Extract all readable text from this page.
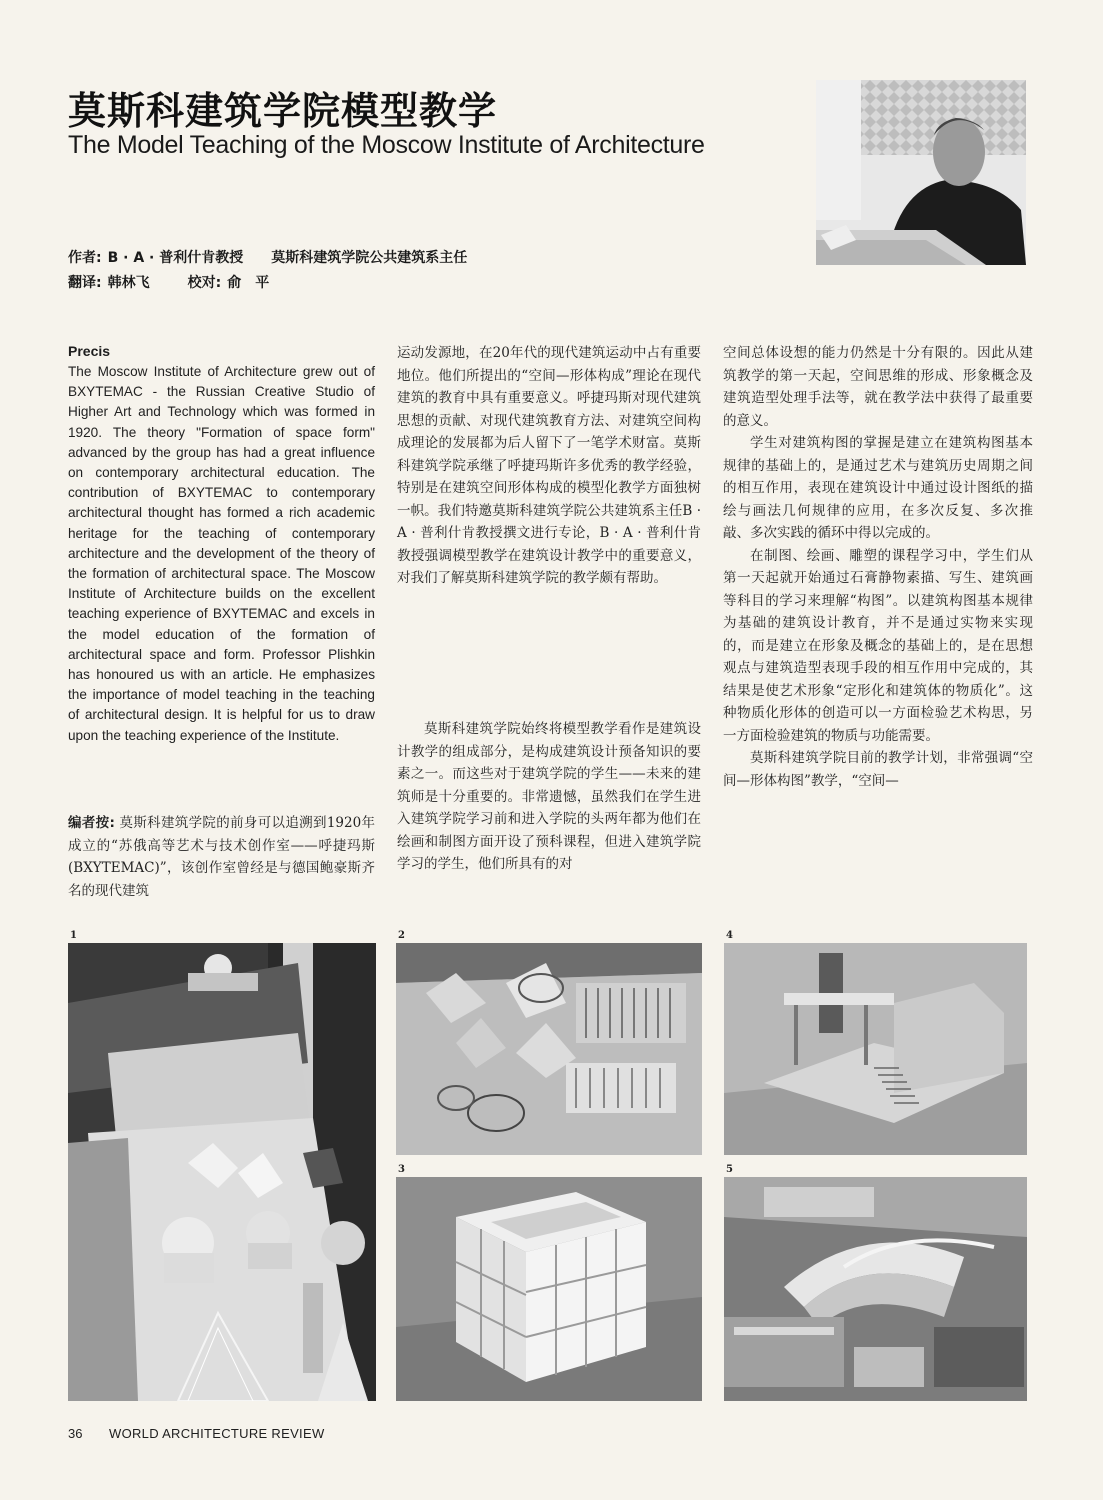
莫斯科建筑学院模型教学
The Model Teaching of the Moscow Institute of Architecture
作者: B · A · 普利什肯教授 莫斯科建筑学院公共建筑系主任
翻译: 韩林飞	校对: 俞　平
Precis
The Moscow Institute of Architecture grew out of BXYTEMAC - the Russian Creative Studio of Higher Art and Technology which was formed in 1920. The theory "Formation of space form" advanced by the group has had a great influence on contemporary architectural education. The contribution of BXYTEMAC to contemporary architectural thought has formed a rich academic heritage for the teaching of contemporary architecture and the development of the theory of the formation of architectural space. The Moscow Institute of Architecture builds on the excellent teaching experience of BXYTEMAC and excels in the model education of the formation of architectural space and form. Professor Plishkin has honoured us with an article. He emphasizes the importance of model teaching in the teaching of architectural design. It is helpful for us to draw upon the teaching experience of the Institute.
编者按: 莫斯科建筑学院的前身可以追溯到1920年成立的“苏俄高等艺术与技术创作室——呼捷玛斯 (BXYTEMAC)”，该创作室曾经是与德国鲍豪斯齐名的现代建筑

运动发源地，在20年代的现代建筑运动中占有重要地位。他们所提出的“空间—形体构成”理论在现代建筑的教育中具有重要意义。呼捷玛斯对现代建筑思想的贡献、对现代建筑教育方法、对建筑空间构成理论的发展都为后人留下了一笔学术财富。莫斯科建筑学院承继了呼捷玛斯许多优秀的教学经验，特别是在建筑空间形体构成的模型化教学方面独树一帜。我们特邀莫斯科建筑学院公共建筑系主任B · A · 普利什肯教授撰文进行专论，B · A · 普利什肯教授强调模型教学在建筑设计教学中的重要意义，对我们了解莫斯科建筑学院的教学颇有帮助。

莫斯科建筑学院始终将模型教学看作是建筑设计教学的组成部分，是构成建筑设计预备知识的要素之一。而这些对于建筑学院的学生——未来的建筑师是十分重要的。非常遗憾，虽然我们在学生进入建筑学院学习前和进入学院的头两年都为他们在绘画和制图方面开设了预科课程，但进入建筑学院学习的学生，他们所具有的对

空间总体设想的能力仍然是十分有限的。因此从建筑教学的第一天起，空间思维的形成、形象概念及建筑造型处理手法等，就在教学法中获得了最重要的意义。

学生对建筑构图的掌握是建立在建筑构图基本规律的基础上的，是通过艺术与建筑历史周期之间的相互作用，表现在建筑设计中通过设计图纸的描绘与画法几何规律的应用，在多次反复、多次推敲、多次实践的循环中得以完成的。

在制图、绘画、雕塑的课程学习中，学生们从第一天起就开始通过石膏静物素描、写生、建筑画等科目的学习来理解“构图”。以建筑构图基本规律为基础的建筑设计教育，并不是通过实物来实现的，而是建立在形象及概念的基础上的，是在思想观点与建筑造型表现手段的相互作用中完成的，其结果是使艺术形象“定形化和建筑体的物质化”。这种物质化形体的创造可以一方面检验艺术构思，另一方面检验建筑的物质与功能需要。

莫斯科建筑学院目前的教学计划，非常强调“空间—形体构图”教学，“空间—

1	2
3
4
5
36 WORLD ARCHITECTURE REVIEW
